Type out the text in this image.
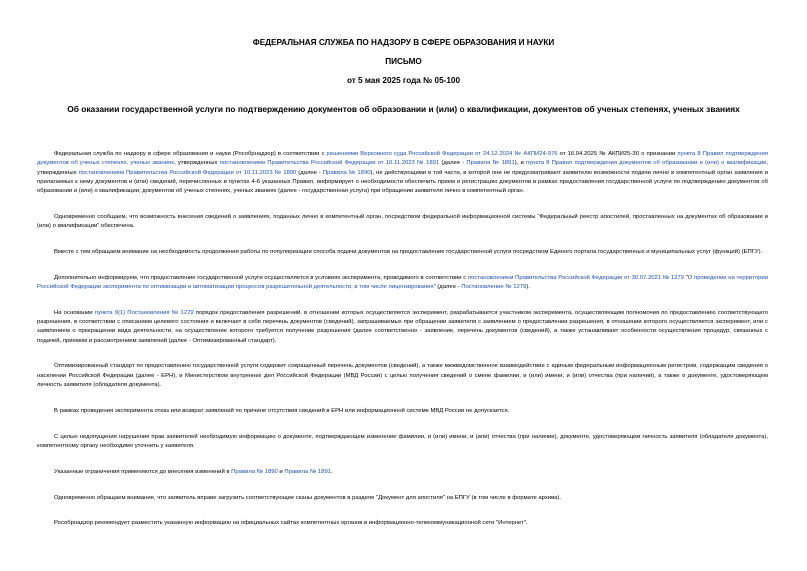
ФЕДЕРАЛЬНАЯ СЛУЖБА ПО НАДЗОРУ В СФЕРЕ ОБРАЗОВАНИЯ И НАУКИ
ПИСЬМО
от 5 мая 2025 года № 05-100
Об оказании государственной услуги по подтверждению документов об образовании и (или) о квалификации, документов об ученых степенях, ученых званиях

Федеральная служба по надзору в сфере образования и науки (Рособрнадзор) в соответствии с решениями Верховного суда Российской Федерации от 24.12.2024 № АКПИ24-976 от 16.04.2025 № АКПИ25-30 о признании пункта 8 Правил подтверждения документов об ученых степенях, ученых званиях, утвержденных постановлением Правительства Российской Федерации от 10.11.2023 № 1891 (далее - Правила № 1891), и пункта 8 Правил подтверждения документов об образовании и (или) о квалификации, утвержденных постановлением Правительства Российской Федерации от 10.11.2023 № 1890 (далее - Правила № 1890), не действующими в той части, в которой они не предусматривают заявителю возможности подачи лично в компетентный орган заявления и прилагаемых к нему документов и (или) сведений, перечисленных в пунктах 4-6 указанных Правил, информирует о необходимости обеспечить прием и регистрацию документов в рамках предоставления государственной услуги по подтверждению документов об образовании и (или) о квалификации, документов об ученых степенях, ученых званиях (далее - государственная услуга) при обращении заявителя лично в компетентный орган.

Одновременно сообщаем, что возможность внесения сведений о заявлениях, поданных лично в компетентный орган, посредством федеральной информационной системы "Федеральный реестр апостилей, проставленных на документах об образовании и (или) о квалификации" обеспечена.

Вместе с тем обращаем внимание на необходимость продолжения работы по популяризации способа подачи документов на предоставление государственной услуги посредством Единого портала государственных и муниципальных услуг (функций) (ЕПГУ).

Дополнительно информируем, что предоставление государственной услуги осуществляется в условиях эксперимента, проводимого в соответствии с постановлением Правительства Российской Федерации от 30.07.2021 № 1279 "О проведении на территории Российской Федерации эксперимента по оптимизации и автоматизации процессов разрешительной деятельности, в том числе лицензирования" (далее - Постановление № 1279).

На основании пункта 9(1) Постановления № 1279 порядок предоставления разрешений, в отношении которых осуществляется эксперимент, разрабатывается участником эксперимента, осуществляющим полномочия по предоставлению соответствующего разрешения, в соответствии с описанием целевого состояния и включает в себя перечень документов (сведений), запрашиваемых при обращении заявителя с заявлением о предоставлении разрешения, в отношении которого осуществляется эксперимент, или с заявлением о прекращении вида деятельности, на осуществление которого требуется получение разрешения (далее соответственно - заявление, перечень документов (сведений), а также устанавливает особенности осуществления процедур, связанных с подачей, приемом и рассмотрением заявлений (далее - Оптимизированный стандарт).

Оптимизированный стандарт по предоставлению государственной услуги содержит сокращенный перечень документов (сведений), а также межведомственное взаимодействие с единым федеральным информационным регистром, содержащим сведения о населении Российской Федерации (далее - ЕРН), и Министерством внутренних дел Российской Федерации (МВД России) с целью получения сведений о смене фамилии, и (или) имени, и (или) отчества (при наличии), а также о документе, удостоверяющем личность заявителя (обладателя документа).

В рамках проведения эксперимента отказ или возврат заявлений по причине отсутствия сведений в ЕРН или информационной системе МВД России не допускается.

С целью недопущения нарушения прав заявителей необходимую информацию о документе, подтверждающем изменение фамилии, и (или) имени, и (или) отчества (при наличии), документе, удостоверяющем личность заявителя (обладателя документа), компетентному органу необходимо уточнить у заявителя.

Указанные ограничения применяются до внесения изменений в Правила № 1890 и Правила № 1891.

Одновременно обращаем внимание, что заявитель вправе загрузить соответствующие сканы документов в разделе "Документ для апостиля" на ЕПГУ (в том числе в формате архива).

Рособрнадзор рекомендует разместить указанную информацию на официальных сайтах компетентных органов в информационно-телекоммуникационной сети "Интернет".
